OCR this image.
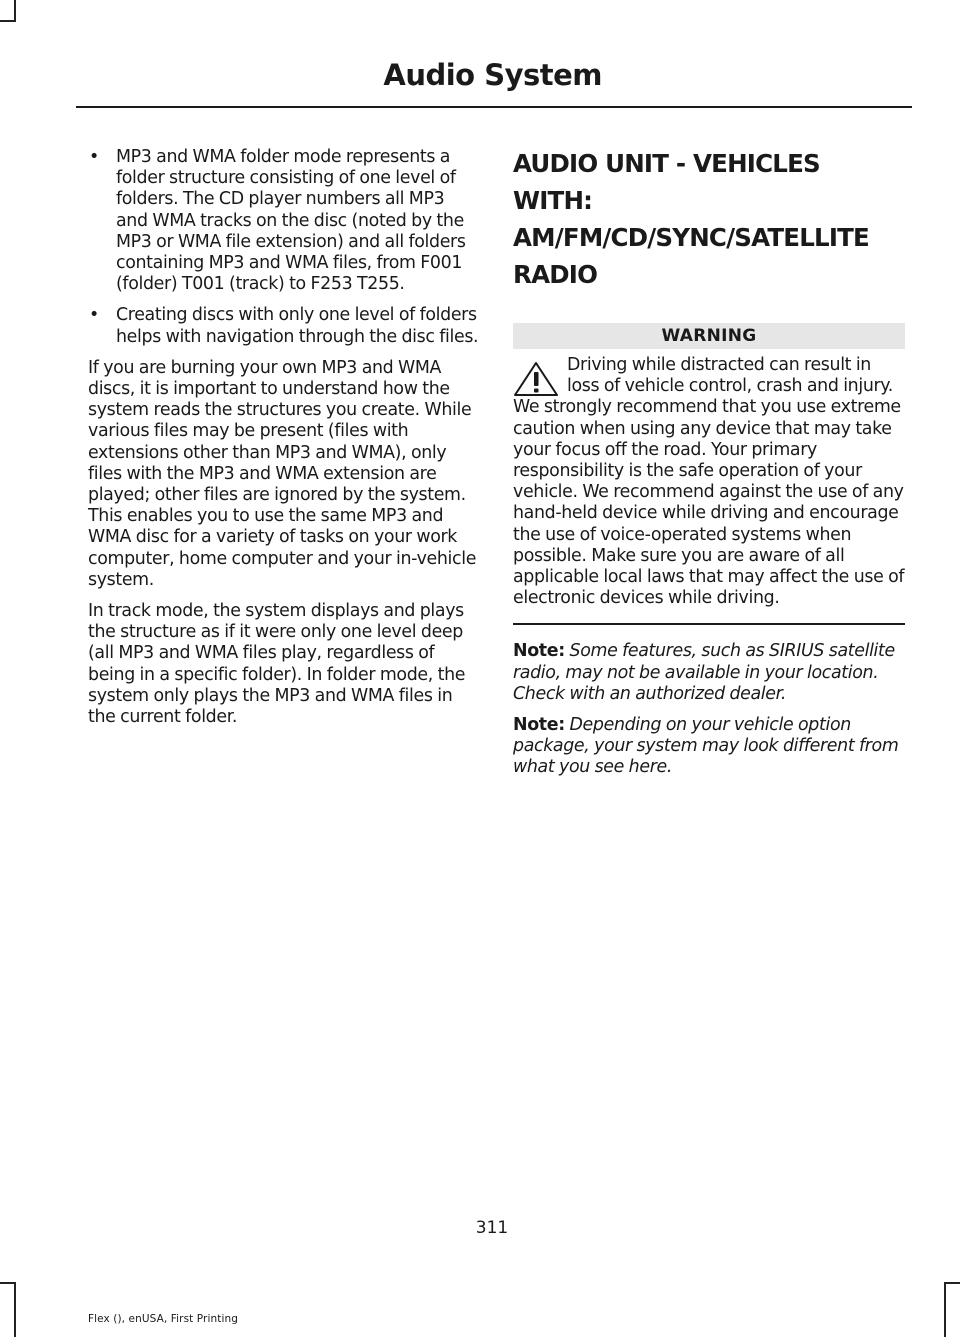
Audio System
• MP3 and WMA folder mode represents a folder structure consisting of one level of folders. The CD player numbers all MP3 and WMA tracks on the disc (noted by the MP3 or WMA file extension) and all folders containing MP3 and WMA files, from F001 (folder) T001 (track) to F253 T255.
• Creating discs with only one level of folders helps with navigation through the disc files.

If you are burning your own MP3 and WMA discs, it is important to understand how the system reads the structures you create. While various files may be present (files with extensions other than MP3 and WMA), only files with the MP3 and WMA extension are played; other files are ignored by the system. This enables you to use the same MP3 and WMA disc for a variety of tasks on your work computer, home computer and your in-vehicle system.

In track mode, the system displays and plays the structure as if it were only one level deep (all MP3 and WMA files play, regardless of being in a specific folder). In folder mode, the system only plays the MP3 and WMA files in the current folder.

AUDIO UNIT - VEHICLES WITH:
AM/FM/CD/SYNC/SATELLITE
RADIO
WARNING

Driving while distracted can result in loss of vehicle control, crash and injury. We strongly recommend that you use extreme caution when using any device that may take your focus off the road. Your primary responsibility is the safe operation of your vehicle. We recommend against the use of any hand-held device while driving and encourage the use of voice-operated systems when possible. Make sure you are aware of all applicable local laws that may affect the use of electronic devices while driving.

Note: Some features, such as SIRIUS satellite radio, may not be available in your location. Check with an authorized dealer.

Note: Depending on your vehicle option package, your system may look different from what you see here.

311
Flex (), enUSA, First Printing
